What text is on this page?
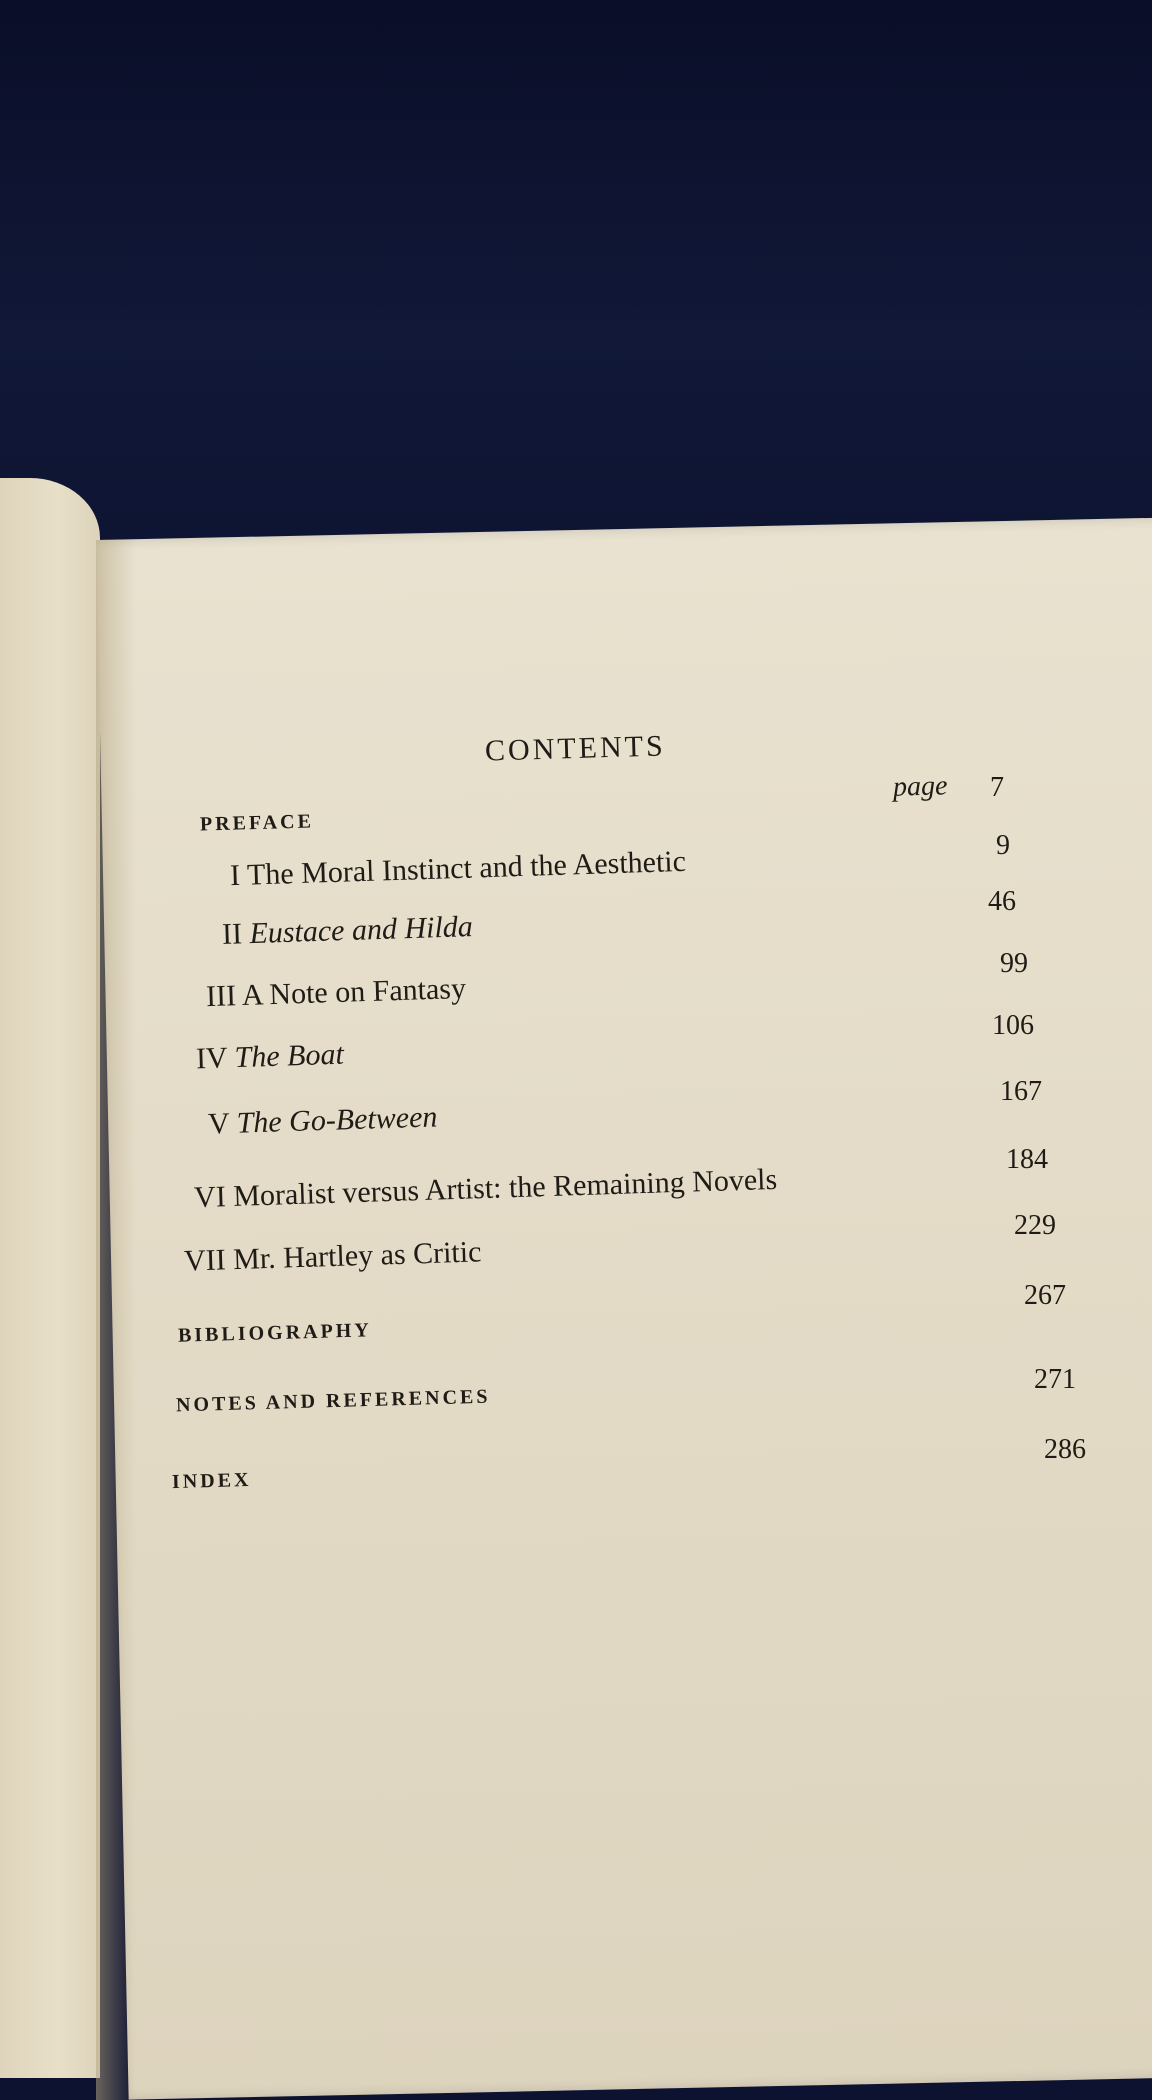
CONTENTS
page
PREFACE
7
I The Moral Instinct and the Aesthetic	9
II Eustace and Hilda
46
III A Note on Fantasy
99
IV The Boat
106
V The Go-Between
167
VI Moralist versus Artist: the Remaining Novels
184
VII Mr. Hartley as Critic
229
BIBLIOGRAPHY
267
NOTES AND REFERENCES
271
INDEX
286
